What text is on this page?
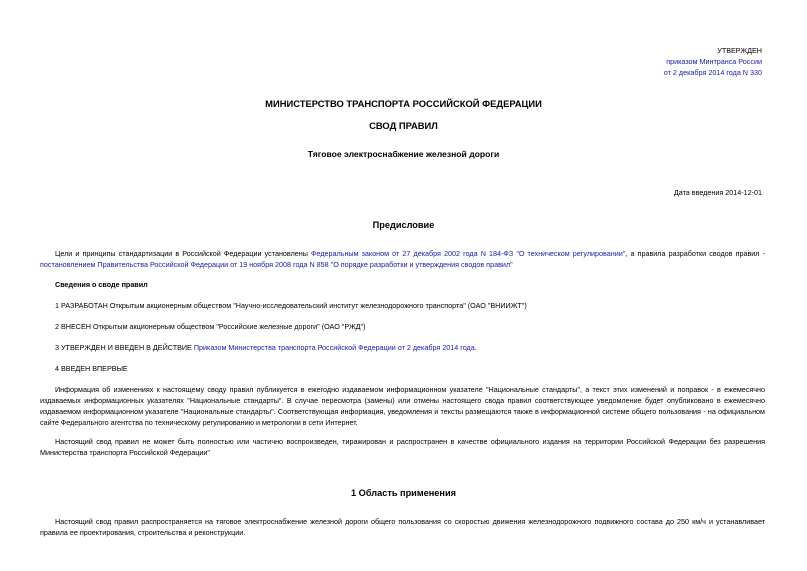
УТВЕРЖДЕН
приказом Минтранса России
от 2 декабря 2014 года N 330
МИНИСТЕРСТВО ТРАНСПОРТА РОССИЙСКОЙ ФЕДЕРАЦИИ
СВОД ПРАВИЛ
Тяговое электроснабжение железной дороги
Дата введения 2014-12-01
Предисловие
Цели и принципы стандартизации в Российской Федерации установлены Федеральным законом от 27 декабря 2002 года N 184-ФЗ "О техническом регулировании", а правила разработки сводов правил - постановлением Правительства Российской Федерации от 19 ноября 2008 года N 858 "О порядке разработки и утверждения сводов правил"
Сведения о своде правил
1 РАЗРАБОТАН Открытым акционерным обществом "Научно-исследовательский институт железнодорожного транспорта" (ОАО "ВНИИЖТ")
2 ВНЕСЕН Открытым акционерным обществом "Российские железные дороги" (ОАО "РЖД")
3 УТВЕРЖДЕН И ВВЕДЕН В ДЕЙСТВИЕ Приказом Министерства транспорта Российской Федерации от 2 декабря 2014 года.
4 ВВЕДЕН ВПЕРВЫЕ
Информация об изменениях к настоящему своду правил публикуется в ежегодно издаваемом информационном указателе "Национальные стандарты", а текст этих изменений и поправок - в ежемесячно издаваемых информационных указателях "Национальные стандарты". В случае пересмотра (замены) или отмены настоящего свода правил соответствующее уведомление будет опубликовано в ежемесячно издаваемом информационном указателе "Национальные стандарты". Соответствующая информация, уведомления и тексты размещаются также в информационной системе общего пользования - на официальном сайте Федерального агентства по техническому регулированию и метрологии в сети Интернет.
Настоящий свод правил не может быть полностью или частично воспроизведен, тиражирован и распространен в качестве официального издания на территории Российской Федерации без разрешения Министерства транспорта Российской Федерации"
1 Область применения
Настоящий свод правил распространяется на тяговое электроснабжение железной дороги общего пользования со скоростью движения железнодорожного подвижного состава до 250 км/ч и устанавливает правила ее проектирования, строительства и реконструкции.
